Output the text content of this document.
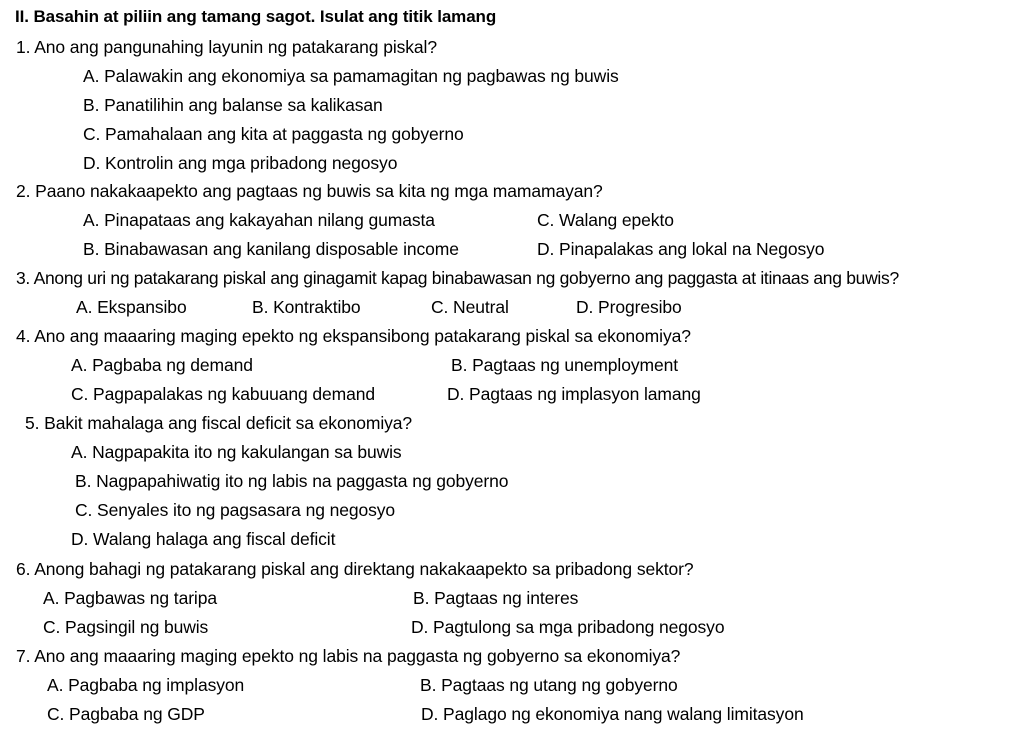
II. Basahin at piliin ang tamang sagot. Isulat ang titik lamang
1. Ano ang pangunahing layunin ng patakarang piskal?
A. Palawakin ang ekonomiya sa pamamagitan ng pagbawas ng buwis
B. Panatilihin ang balanse sa kalikasan
C. Pamahalaan ang kita at paggasta ng gobyerno
D. Kontrolin ang mga pribadong negosyo
2. Paano nakakaapekto ang pagtaas ng buwis sa kita ng mga mamamayan?
A. Pinapataas ang kakayahan nilang gumasta	C. Walang epekto
B. Binabawasan ang kanilang disposable income	D. Pinapalakas ang lokal na Negosyo
3. Anong uri ng patakarang piskal ang ginagamit kapag binabawasan ng gobyerno ang paggasta at itinaas ang buwis?
A. Ekspansibo	B. Kontraktibo	C. Neutral	D. Progresibo
4. Ano ang maaaring maging epekto ng ekspansibong patakarang piskal sa ekonomiya?
A. Pagbaba ng demand	B. Pagtaas ng unemployment
C. Pagpapalakas ng kabuuang demand	D. Pagtaas ng implasyon lamang
5. Bakit mahalaga ang fiscal deficit sa ekonomiya?
A. Nagpapakita ito ng kakulangan sa buwis
B. Nagpapahiwatig ito ng labis na paggasta ng gobyerno
C. Senyales ito ng pagsasara ng negosyo
D. Walang halaga ang fiscal deficit
6. Anong bahagi ng patakarang piskal ang direktang nakakaapekto sa pribadong sektor?
A. Pagbawas ng taripa	B. Pagtaas ng interes
C. Pagsingil ng buwis	D. Pagtulong sa mga pribadong negosyo
7. Ano ang maaaring maging epekto ng labis na paggasta ng gobyerno sa ekonomiya?
A. Pagbaba ng implasyon	B. Pagtaas ng utang ng gobyerno
C. Pagbaba ng GDP	D. Paglago ng ekonomiya nang walang limitasyon
